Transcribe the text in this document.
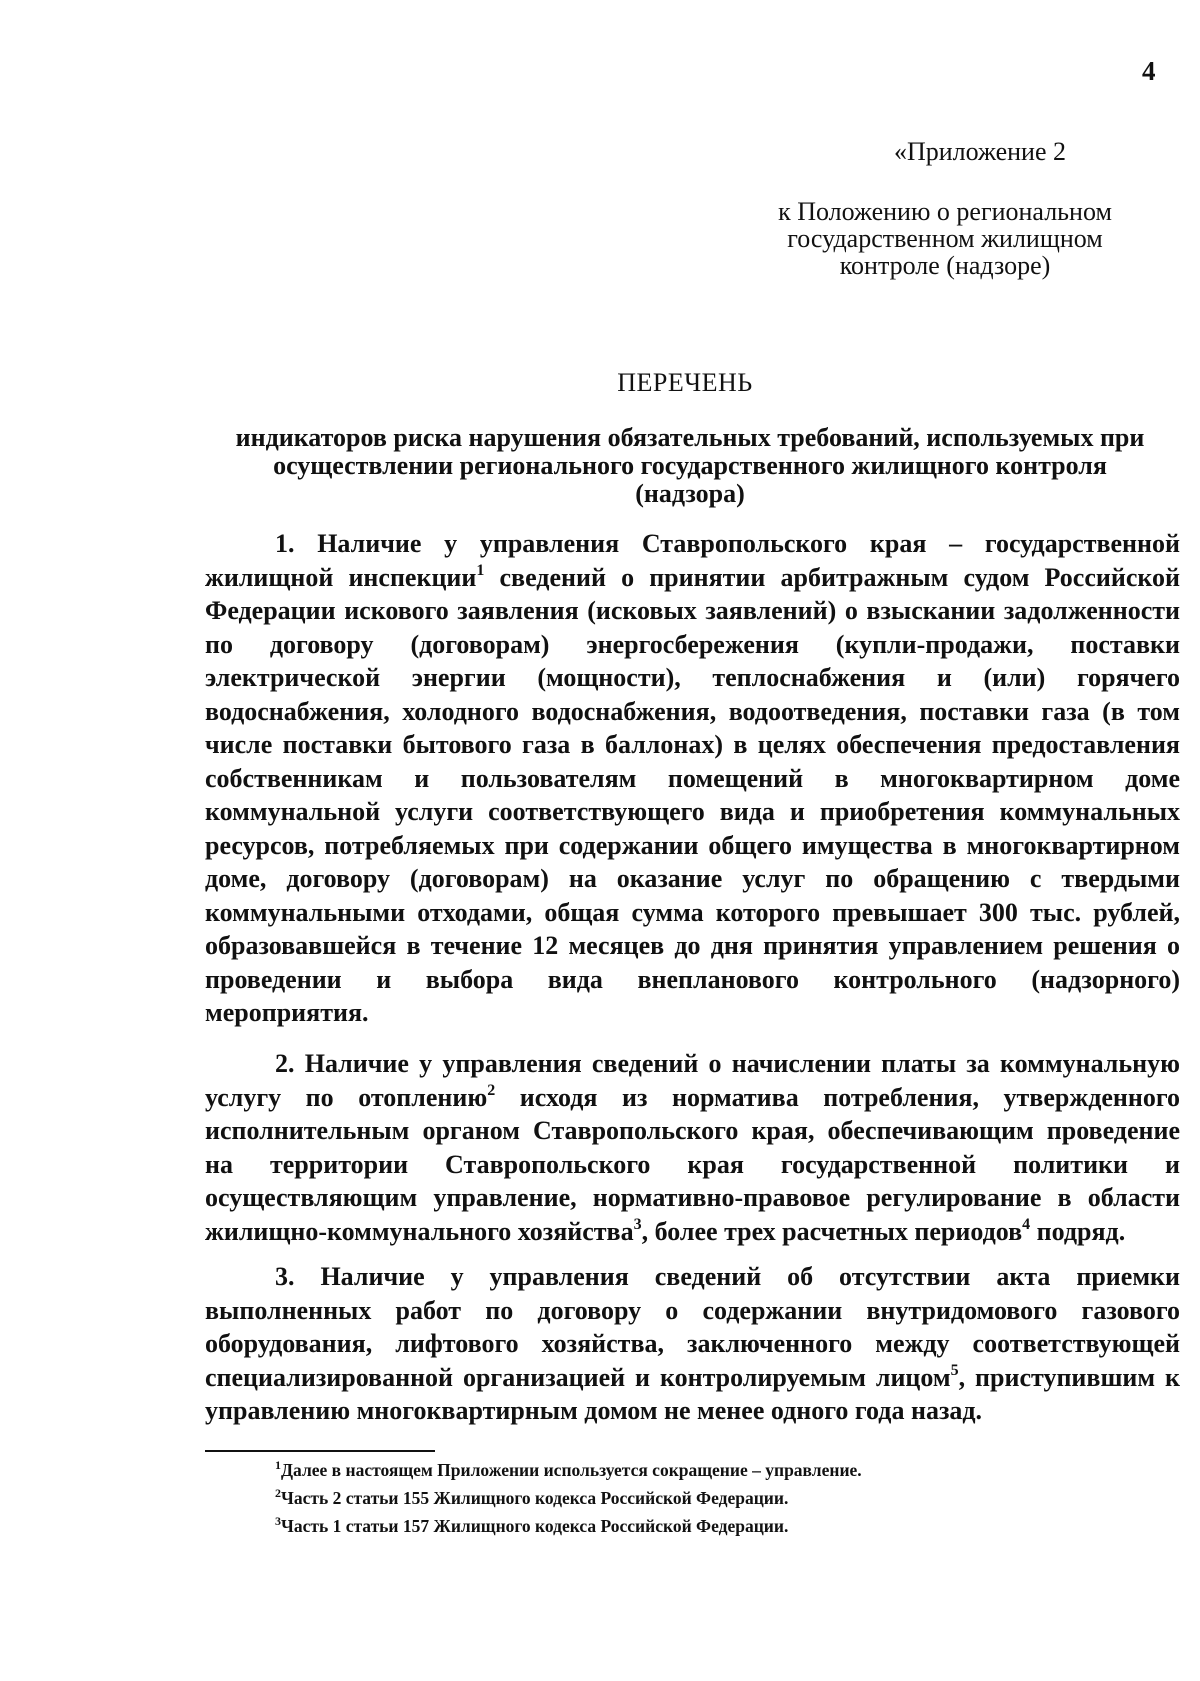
4
«Приложение 2
к Положению о региональном
государственном жилищном
контроле (надзоре)
ПЕРЕЧЕНЬ
индикаторов риска нарушения обязательных требований, используемых при
осуществлении регионального государственного жилищного контроля
(надзора)

1. Наличие у управления Ставропольского края – государственной жилищной инспекции$^1$ сведений о принятии арбитражным судом Российской Федерации искового заявления (исковых заявлений) о взыскании задолженности по договору (договорам) энергосбережения (купли-продажи, поставки электрической энергии (мощности), теплоснабжения и (или) горячего водоснабжения, холодного водоснабжения, водоотведения, поставки газа (в том числе поставки бытового газа в баллонах) в целях обеспечения предоставления собственникам и пользователям помещений в многоквартирном доме коммунальной услуги соответствующего вида и приобретения коммунальных ресурсов, потребляемых при содержании общего имущества в многоквартирном доме, договору (договорам) на оказание услуг по обращению с твердыми коммунальными отходами, общая сумма которого превышает 300 тыс. рублей, образовавшейся в течение 12 месяцев до дня принятия управлением решения о проведении и выбора вида внепланового контрольного (надзорного) мероприятия.

2. Наличие у управления сведений о начислении платы за коммунальную услугу по отоплению$^2$ исходя из норматива потребления, утвержденного исполнительным органом Ставропольского края, обеспечивающим проведение на территории Ставропольского края государственной политики и осуществляющим управление, нормативно-правовое регулирование в области жилищно-коммунального хозяйства$^3$, более трех расчетных периодов$^4$ подряд.

3. Наличие у управления сведений об отсутствии акта приемки выполненных работ по договору о содержании внутридомового газового оборудования, лифтового хозяйства, заключенного между соответствующей специализированной организацией и контролируемым лицом$^5$, приступившим к управлению многоквартирным домом не менее одного года назад.

$^1$Далее в настоящем Приложении используется сокращение – управление.
$^2$Часть 2 статьи 155 Жилищного кодекса Российской Федерации.
$^3$Часть 1 статьи 157 Жилищного кодекса Российской Федерации.
